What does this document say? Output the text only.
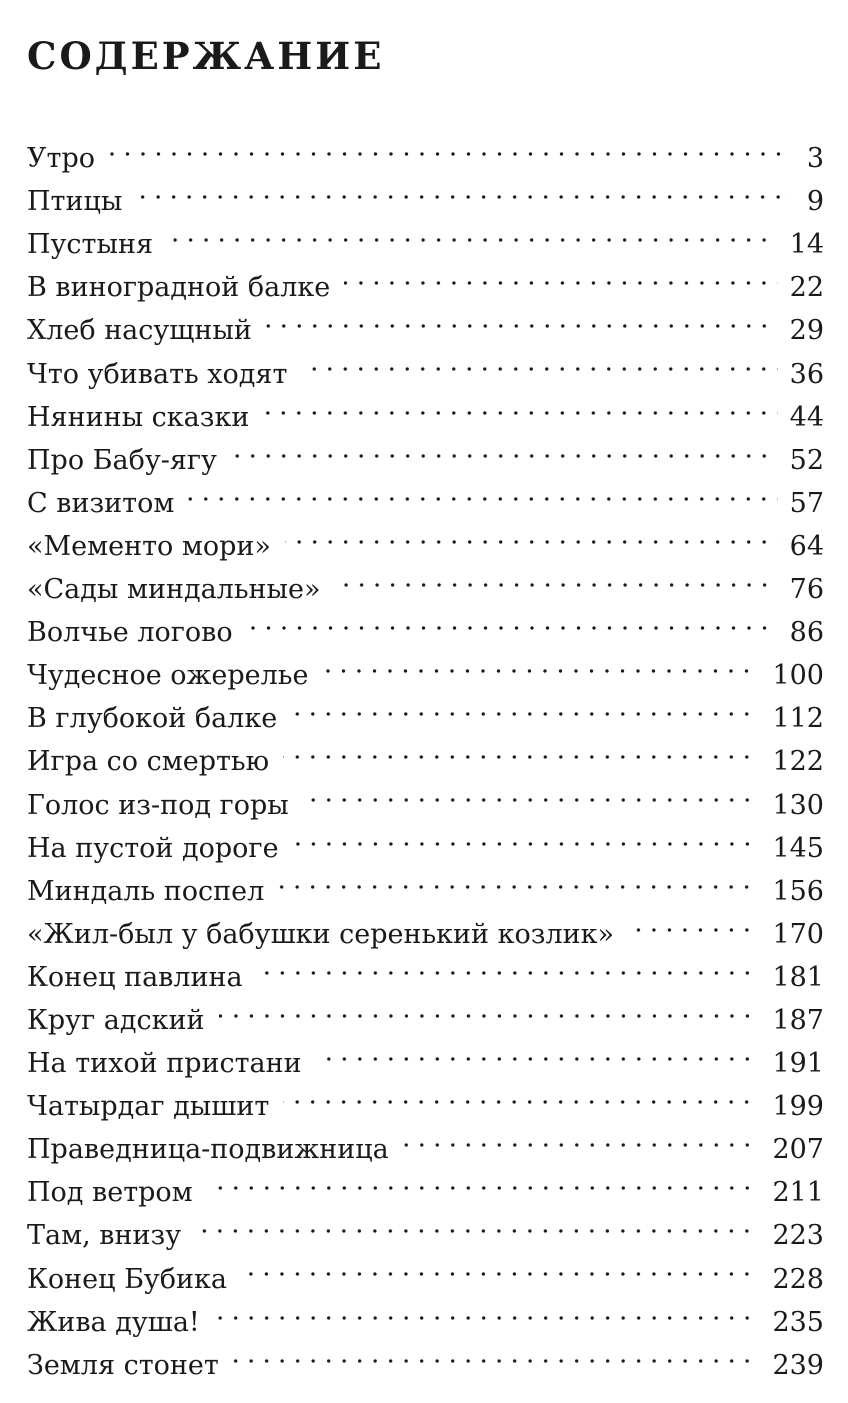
СОДЕРЖАНИЕ
Утро	3
Птицы	9
Пустыня	14
В виноградной балке	22
Хлеб насущный	29
Что убивать ходят	36
Нянины сказки	44
Про Бабу-ягу	52
С визитом	57
«Мементо мори»	64
«Сады миндальные»	76
Волчье логово	86
Чудесное ожерелье	100
В глубокой балке	112
Игра со смертью	122
Голос из-под горы	130
На пустой дороге	145
Миндаль поспел	156
«Жил-был у бабушки серенький козлик»	170
Конец павлина	181
Круг адский	187
На тихой пристани	191
Чатырдаг дышит	199
Праведница-подвижница	207
Под ветром	211
Там, внизу	223
Конец Бубика	228
Жива душа!	235
Земля стонет	239
